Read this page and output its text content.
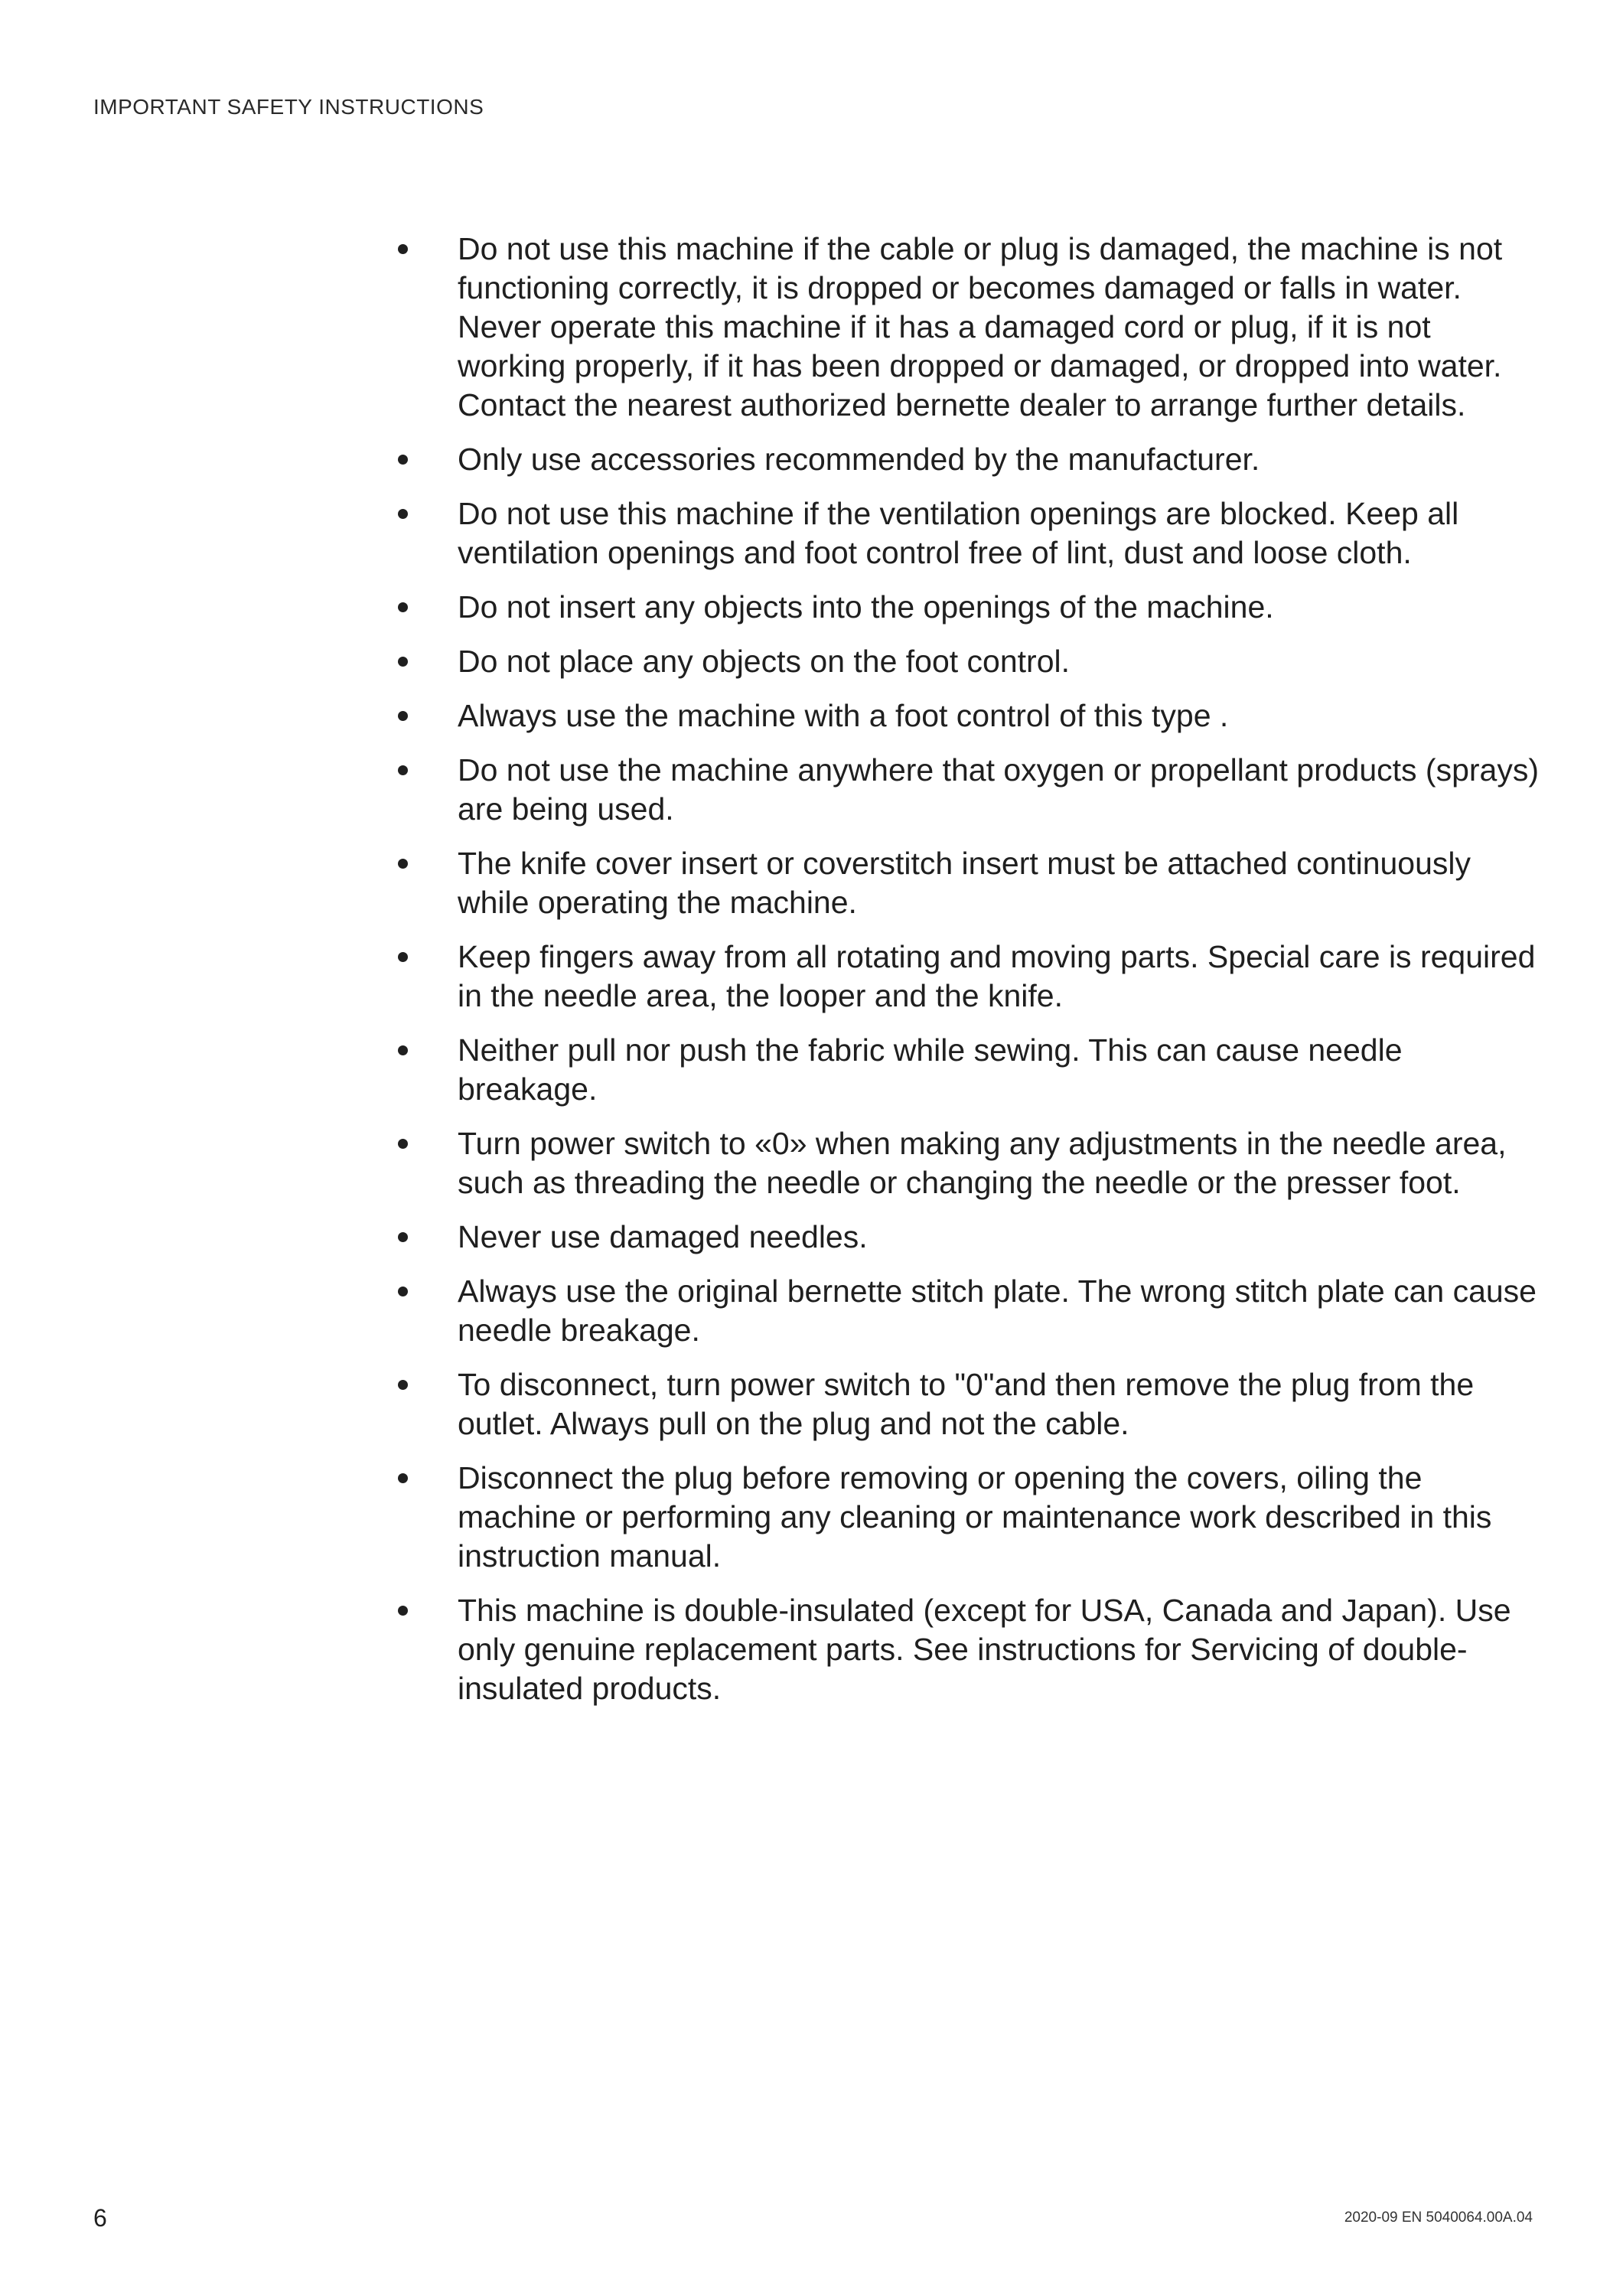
IMPORTANT SAFETY INSTRUCTIONS
Do not use this machine if the cable or plug is damaged, the machine is not functioning correctly, it is dropped or becomes damaged or falls in water. Never operate this machine if it has a damaged cord or plug, if it is not working properly, if it has been dropped or damaged, or dropped into water. Contact the nearest authorized bernette dealer to arrange further details.
Only use accessories recommended by the manufacturer.
Do not use this machine if the ventilation openings are blocked. Keep all ventilation openings and foot control free of lint, dust and loose cloth.
Do not insert any objects into the openings of the machine.
Do not place any objects on the foot control.
Always use the machine with a foot control of this type .
Do not use the machine anywhere that oxygen or propellant products (sprays) are being used.
The knife cover insert or coverstitch insert must be attached continuously while operating the machine.
Keep fingers away from all rotating and moving parts. Special care is required in the needle area, the looper and the knife.
Neither pull nor push the fabric while sewing. This can cause needle breakage.
Turn power switch to «0» when making any adjustments in the needle area, such as threading the needle or changing the needle or the presser foot.
Never use damaged needles.
Always use the original bernette stitch plate. The wrong stitch plate can cause needle breakage.
To disconnect, turn power switch to "0"and then remove the plug from the outlet. Always pull on the plug and not the cable.
Disconnect the plug before removing or opening the covers, oiling the machine or performing any cleaning or maintenance work described in this instruction manual.
This machine is double-insulated (except for USA, Canada and Japan). Use only genuine replacement parts. See instructions for Servicing of double-insulated products.
6	2020-09 EN 5040064.00A.04
